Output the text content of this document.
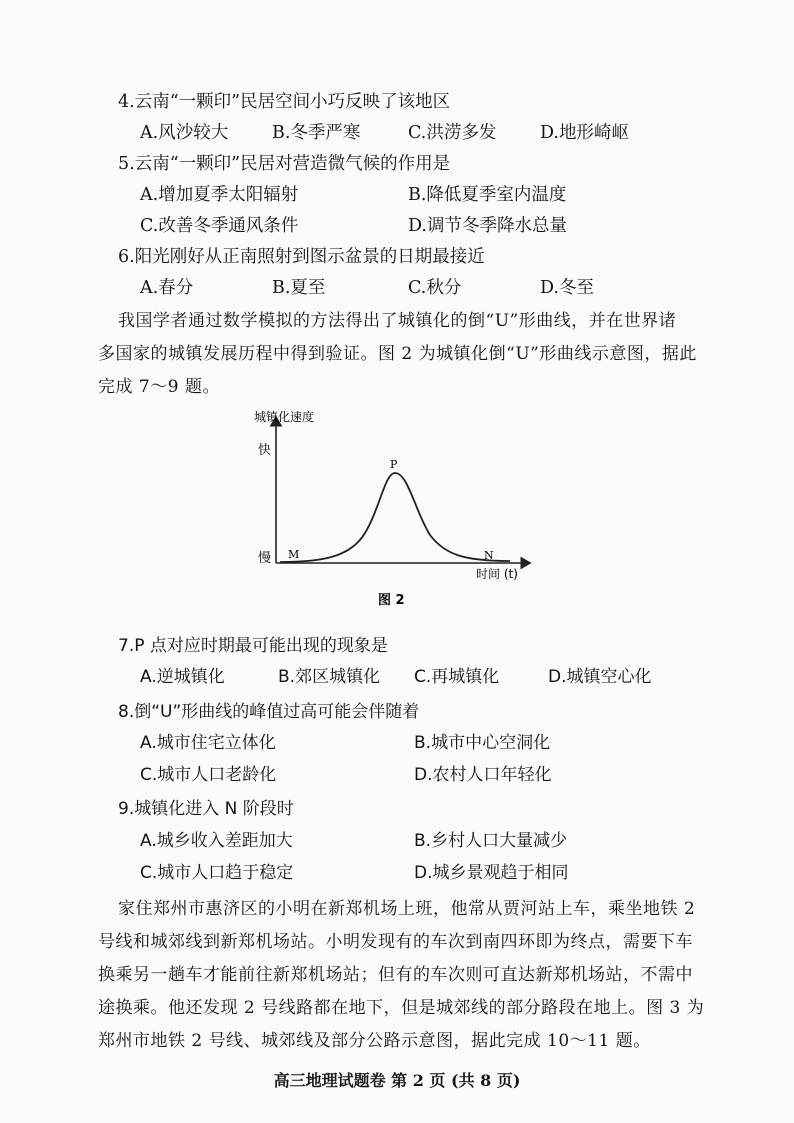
4.云南“一颗印”民居空间小巧反映了该地区
A.风沙较大	B.冬季严寒	C.洪涝多发 D.地形崎岖
5.云南“一颗印”民居对营造微气候的作用是
A.增加夏季太阳辐射	B.降低夏季室内温度
C.改善冬季通风条件	D.调节冬季降水总量
6.阳光刚好从正南照射到图示盆景的日期最接近
A.春分	B.夏至	C.秋分	D.冬至
我国学者通过数学模拟的方法得出了城镇化的倒“U”形曲线，并在世界诸
多国家的城镇发展历程中得到验证。图 2 为城镇化倒“U”形曲线示意图，据此
完成 7～9 题。
城镇化速度
快
慢 M
P
N
时间 (t)
图 2
7.P 点对应时期最可能出现的现象是
A.逆城镇化	B.郊区城镇化 C.再城镇化	D.城镇空心化
8.倒“U”形曲线的峰值过高可能会伴随着
A.城市住宅立体化	B.城市中心空洞化
C.城市人口老龄化	D.农村人口年轻化
9.城镇化进入 N 阶段时
A.城乡收入差距加大	B.乡村人口大量减少
C.城市人口趋于稳定	D.城乡景观趋于相同
家住郑州市惠济区的小明在新郑机场上班，他常从贾河站上车，乘坐地铁 2
号线和城郊线到新郑机场站。小明发现有的车次到南四环即为终点，需要下车
换乘另一趟车才能前往新郑机场站；但有的车次则可直达新郑机场站，不需中
途换乘。他还发现 2 号线路都在地下，但是城郊线的部分路段在地上。图 3 为
郑州市地铁 2 号线、城郊线及部分公路示意图，据此完成 10～11 题。
高三地理试题卷 第 2 页 (共 8 页)
